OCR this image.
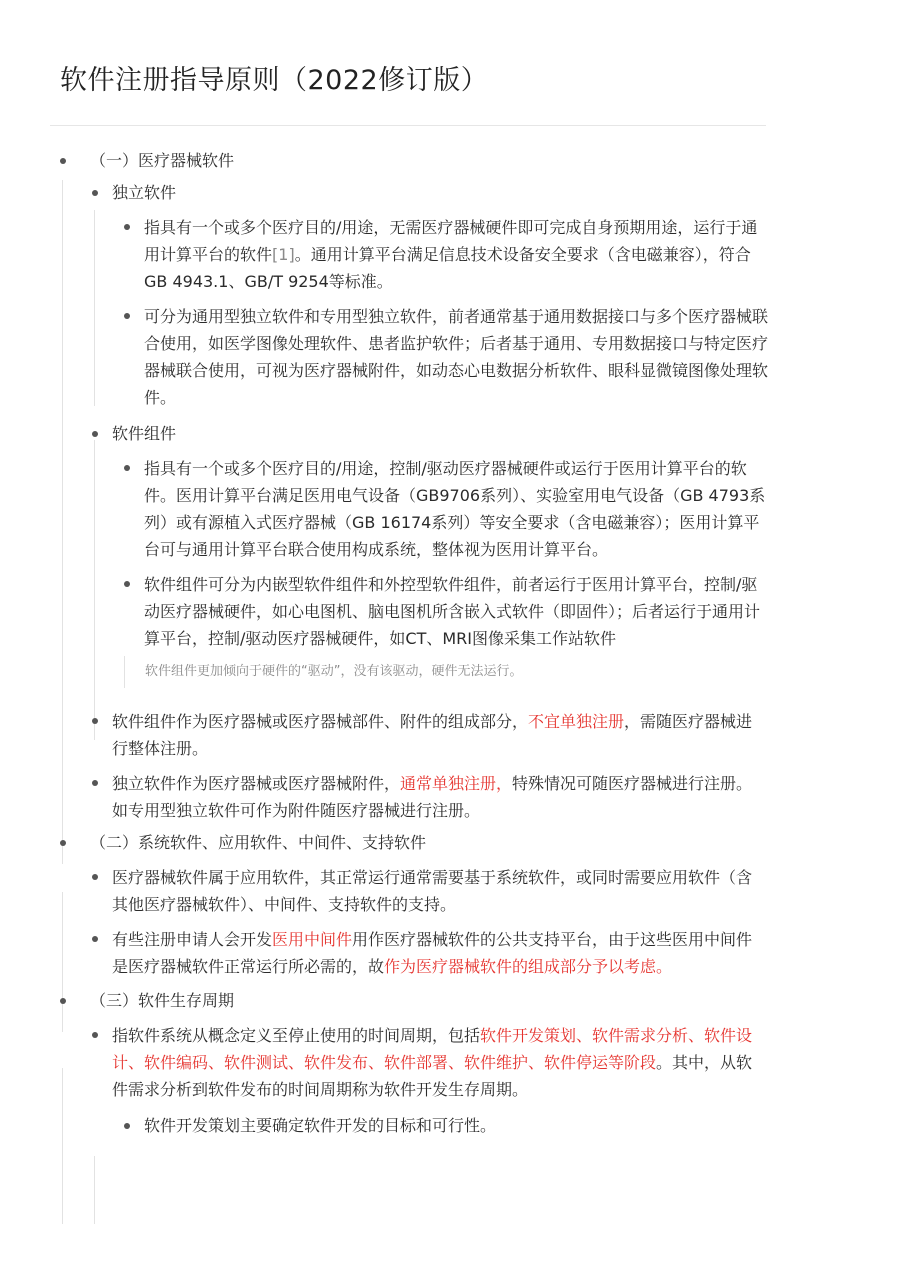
软件注册指导原则（2022修订版）
（一）医疗器械软件
独立软件
指具有一个或多个医疗目的/用途，无需医疗器械硬件即可完成自身预期用途，运行于通用计算平台的软件[1]。通用计算平台满足信息技术设备安全要求（含电磁兼容），符合GB 4943.1、GB/T 9254等标准。
可分为通用型独立软件和专用型独立软件，前者通常基于通用数据接口与多个医疗器械联合使用，如医学图像处理软件、患者监护软件；后者基于通用、专用数据接口与特定医疗器械联合使用，可视为医疗器械附件，如动态心电数据分析软件、眼科显微镜图像处理软件。
软件组件
指具有一个或多个医疗目的/用途，控制/驱动医疗器械硬件或运行于医用计算平台的软件。医用计算平台满足医用电气设备（GB9706系列）、实验室用电气设备（GB 4793系列）或有源植入式医疗器械（GB 16174系列）等安全要求（含电磁兼容）；医用计算平台可与通用计算平台联合使用构成系统，整体视为医用计算平台。
软件组件可分为内嵌型软件组件和外控型软件组件，前者运行于医用计算平台，控制/驱动医疗器械硬件，如心电图机、脑电图机所含嵌入式软件（即固件）；后者运行于通用计算平台，控制/驱动医疗器械硬件，如CT、MRI图像采集工作站软件
软件组件更加倾向于硬件的“驱动”，没有该驱动，硬件无法运行。
软件组件作为医疗器械或医疗器械部件、附件的组成部分，不宜单独注册，需随医疗器械进行整体注册。
独立软件作为医疗器械或医疗器械附件，通常单独注册，特殊情况可随医疗器械进行注册。如专用型独立软件可作为附件随医疗器械进行注册。
（二）系统软件、应用软件、中间件、支持软件
医疗器械软件属于应用软件，其正常运行通常需要基于系统软件，或同时需要应用软件（含其他医疗器械软件）、中间件、支持软件的支持。
有些注册申请人会开发医用中间件用作医疗器械软件的公共支持平台，由于这些医用中间件是医疗器械软件正常运行所必需的，故作为医疗器械软件的组成部分予以考虑。
（三）软件生存周期
指软件系统从概念定义至停止使用的时间周期，包括软件开发策划、软件需求分析、软件设计、软件编码、软件测试、软件发布、软件部署、软件维护、软件停运等阶段。其中，从软件需求分析到软件发布的时间周期称为软件开发生存周期。
软件开发策划主要确定软件开发的目标和可行性。
